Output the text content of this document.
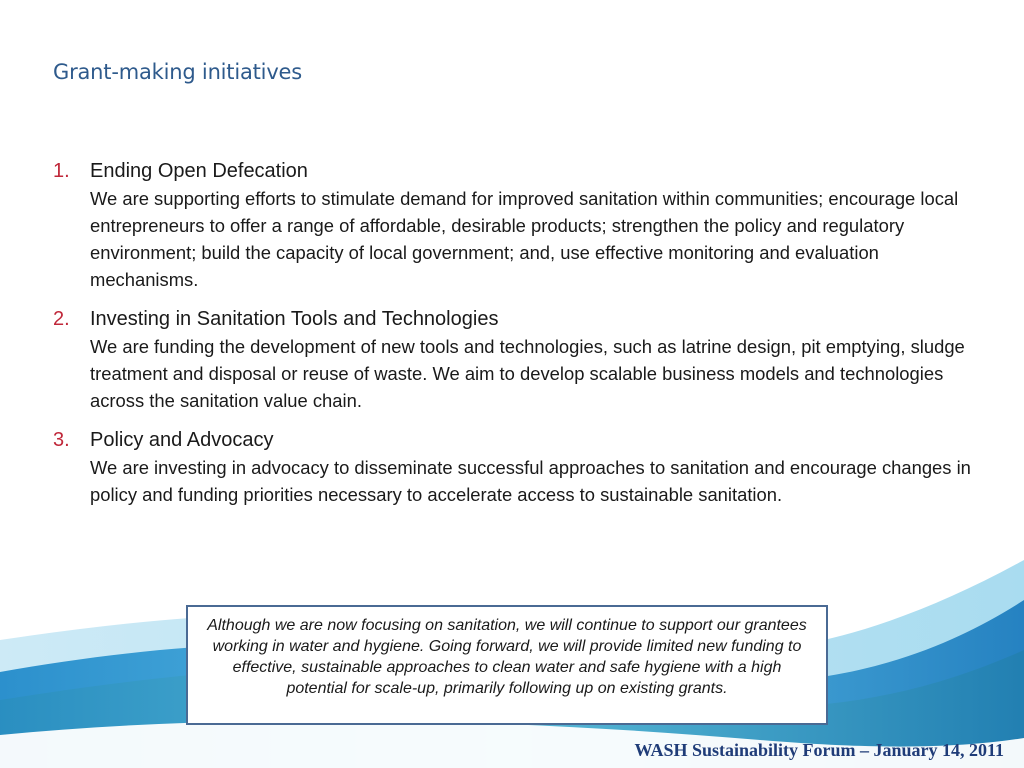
Grant-making initiatives
1. Ending Open Defecation
We are supporting efforts to stimulate demand for improved sanitation within communities; encourage local entrepreneurs to offer a range of affordable, desirable products; strengthen the policy and regulatory environment; build the capacity of local government; and, use effective monitoring and evaluation mechanisms.
2. Investing in Sanitation Tools and Technologies
We are funding the development of new tools and technologies, such as latrine design, pit emptying, sludge treatment and disposal or reuse of waste. We aim to develop scalable business models and technologies across the sanitation value chain.
3. Policy and Advocacy
We are investing in advocacy to disseminate successful approaches to sanitation and encourage changes in policy and funding priorities necessary to accelerate access to sustainable sanitation.
Although we are now focusing on sanitation, we will continue to support our grantees working in water and hygiene. Going forward, we will provide limited new funding to effective, sustainable approaches to clean water and safe hygiene with a high potential for scale-up, primarily following up on existing grants.
WASH Sustainability Forum – January 14, 2011
